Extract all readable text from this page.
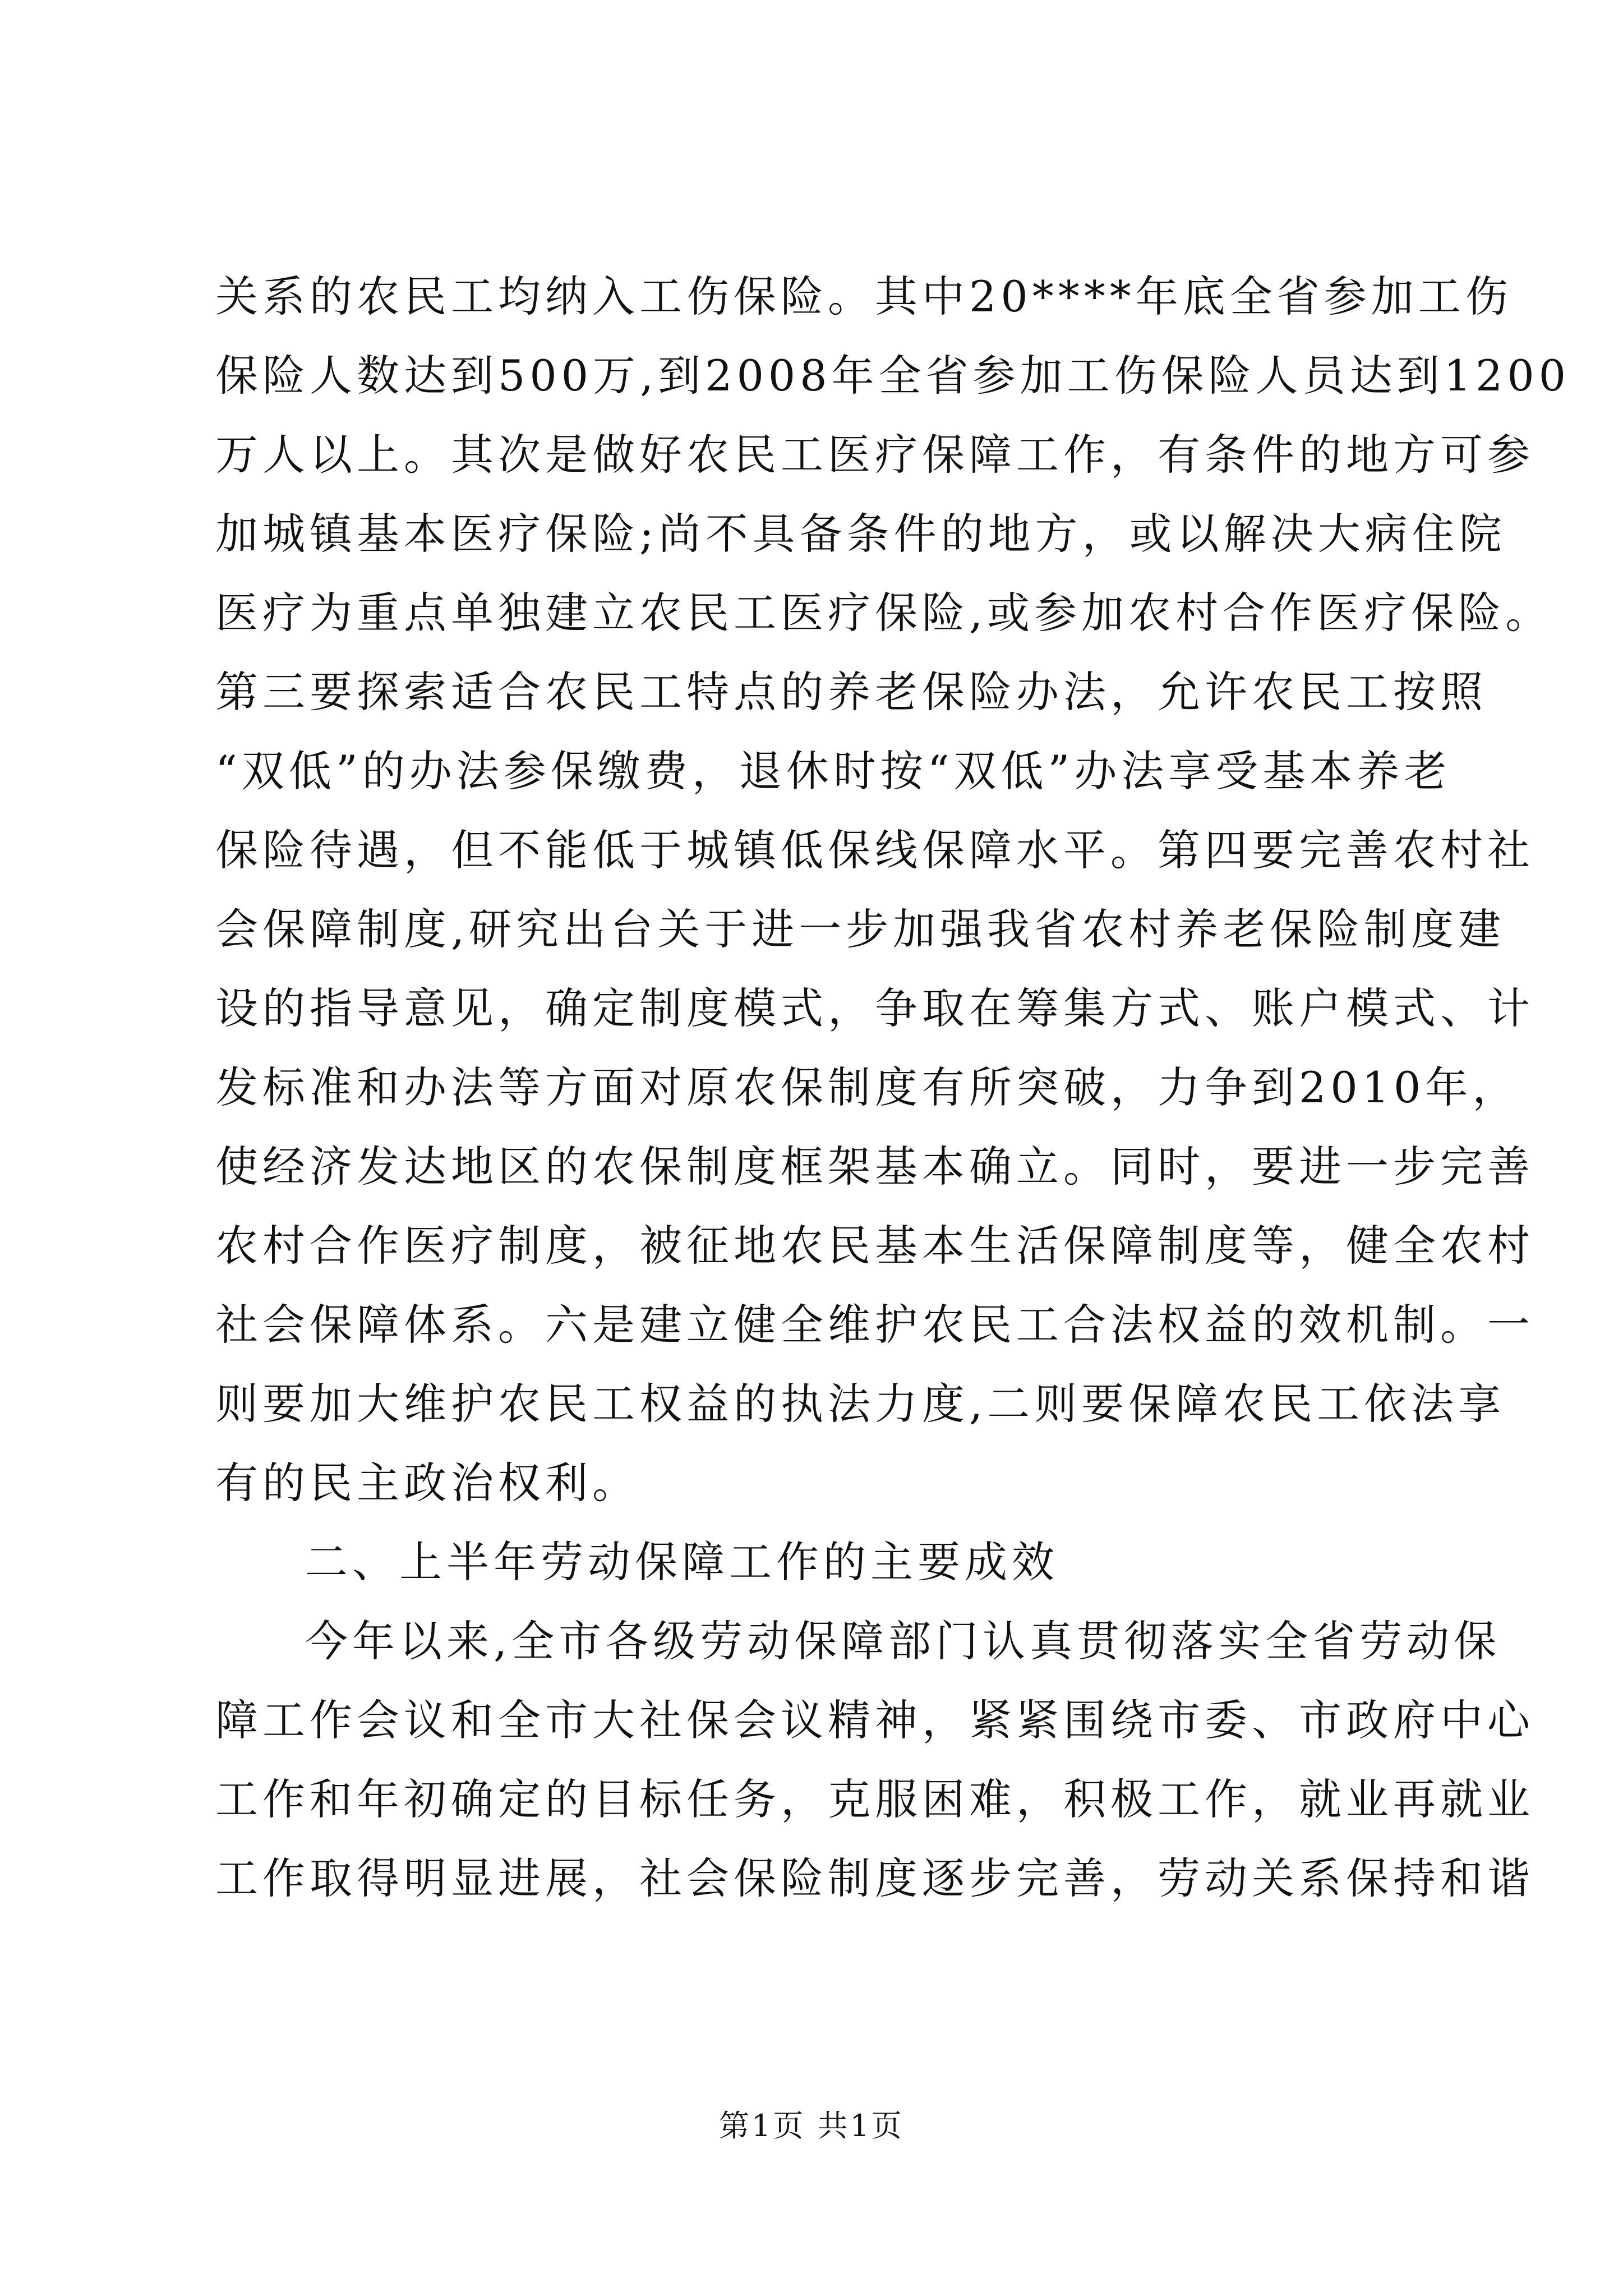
关系的农民工均纳入工伤保险。其中20****年底全省参加工伤
保险人数达到500万,到2008年全省参加工伤保险人员达到1200
万人以上。其次是做好农民工医疗保障工作，有条件的地方可参
加城镇基本医疗保险;尚不具备条件的地方，或以解决大病住院
医疗为重点单独建立农民工医疗保险,或参加农村合作医疗保险。
第三要探索适合农民工特点的养老保险办法，允许农民工按照
“双低”的办法参保缴费，退休时按“双低”办法享受基本养老
保险待遇，但不能低于城镇低保线保障水平。第四要完善农村社
会保障制度,研究出台关于进一步加强我省农村养老保险制度建
设的指导意见，确定制度模式，争取在筹集方式、账户模式、计
发标准和办法等方面对原农保制度有所突破，力争到2010年，
使经济发达地区的农保制度框架基本确立。同时，要进一步完善
农村合作医疗制度，被征地农民基本生活保障制度等，健全农村
社会保障体系。六是建立健全维护农民工合法权益的效机制。一
则要加大维护农民工权益的执法力度,二则要保障农民工依法享
有的民主政治权利。
二、上半年劳动保障工作的主要成效
今年以来,全市各级劳动保障部门认真贯彻落实全省劳动保
障工作会议和全市大社保会议精神，紧紧围绕市委、市政府中心
工作和年初确定的目标任务，克服困难，积极工作，就业再就业
工作取得明显进展，社会保险制度逐步完善，劳动关系保持和谐
第1页 共1页
